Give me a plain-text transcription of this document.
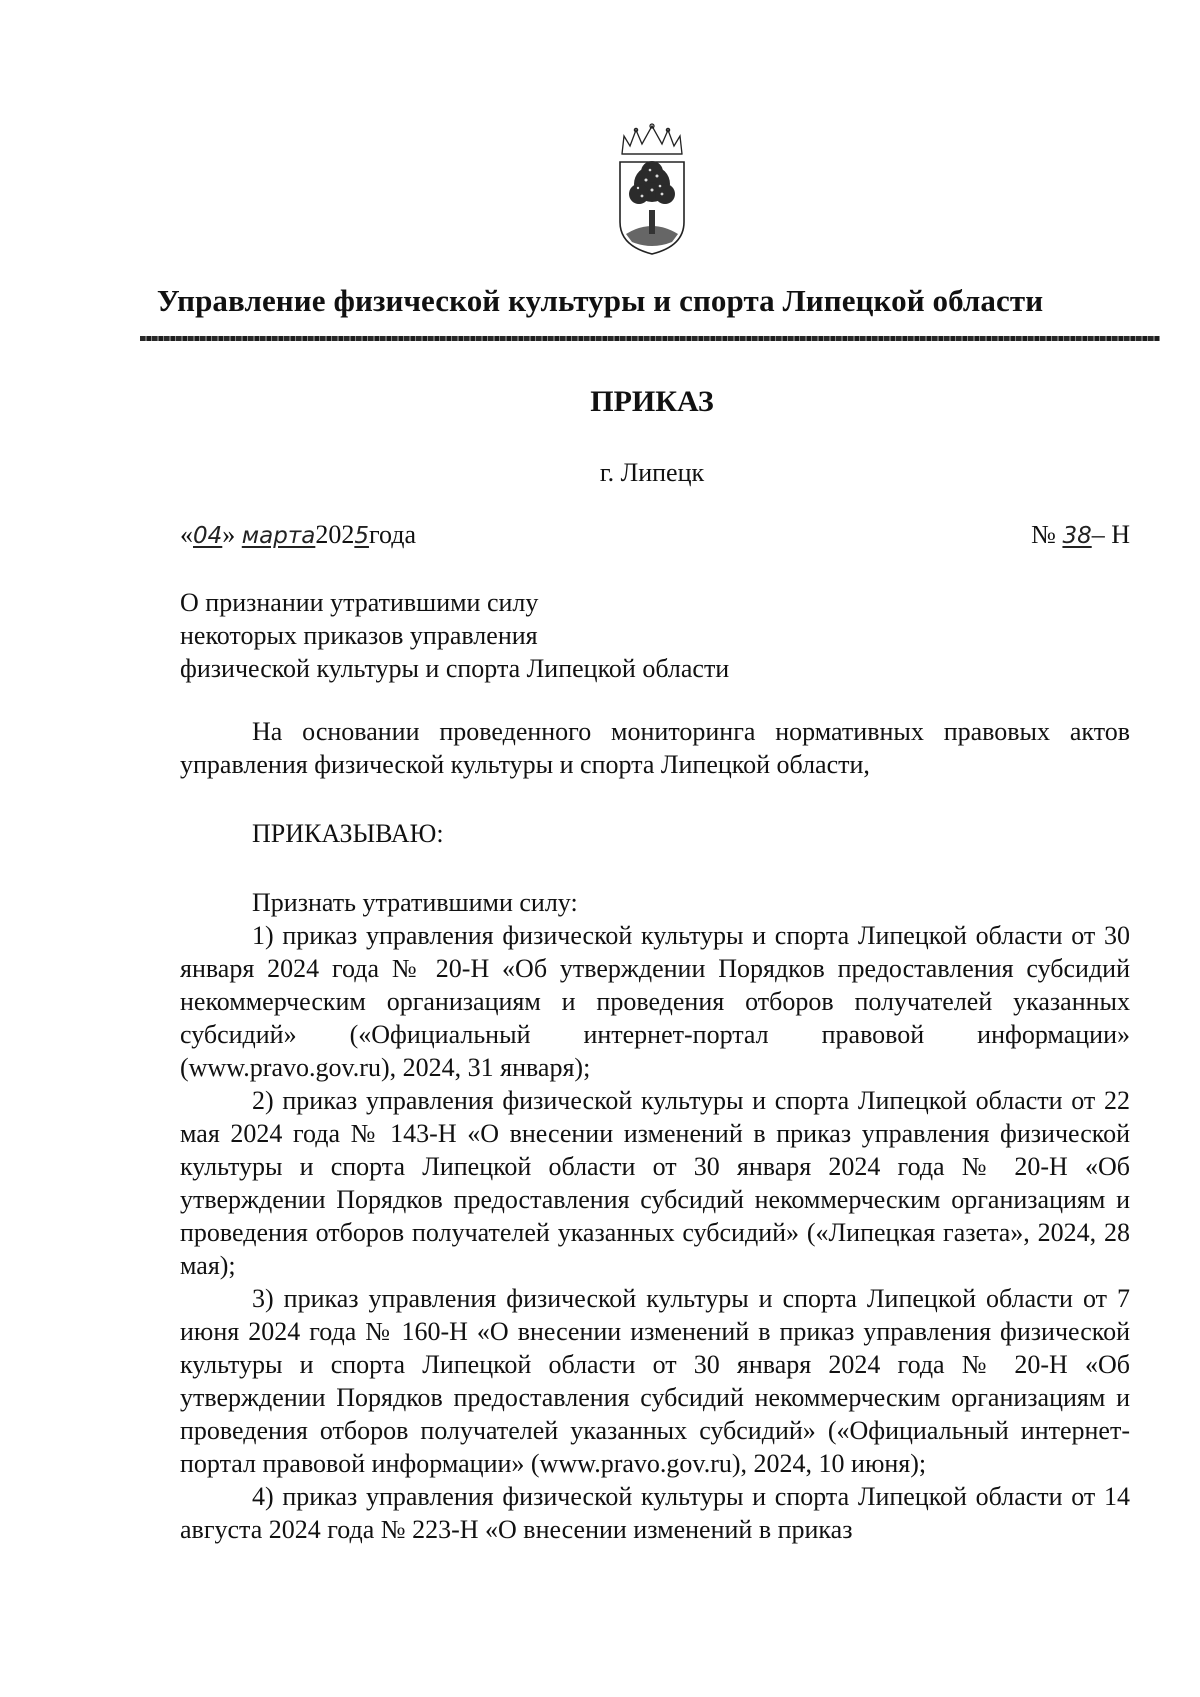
Управление физической культуры и спорта Липецкой области
ПРИКАЗ
г. Липецк
«04» марта2025года	№ 38– Н
О признании утратившими силу
некоторых приказов управления
физической культуры и спорта Липецкой области

На основании проведенного мониторинга нормативных правовых актов управления физической культуры и спорта Липецкой области,

ПРИКАЗЫВАЮ:

Признать утратившими силу:

1) приказ управления физической культуры и спорта Липецкой области от 30 января 2024 года № 20-Н «Об утверждении Порядков предоставления субсидий некоммерческим организациям и проведения отборов получателей указанных субсидий» («Официальный интернет-портал правовой информации» (www.pravo.gov.ru), 2024, 31 января);

2) приказ управления физической культуры и спорта Липецкой области от 22 мая 2024 года № 143-Н «О внесении изменений в приказ управления физической культуры и спорта Липецкой области от 30 января 2024 года № 20-Н «Об утверждении Порядков предоставления субсидий некоммерческим организациям и проведения отборов получателей указанных субсидий» («Липецкая газета», 2024, 28 мая);

3) приказ управления физической культуры и спорта Липецкой области от 7 июня 2024 года № 160-Н «О внесении изменений в приказ управления физической культуры и спорта Липецкой области от 30 января 2024 года № 20-Н «Об утверждении Порядков предоставления субсидий некоммерческим организациям и проведения отборов получателей указанных субсидий» («Официальный интернет-портал правовой информации» (www.pravo.gov.ru), 2024, 10 июня);

4) приказ управления физической культуры и спорта Липецкой области от 14 августа 2024 года № 223-Н «О внесении изменений в приказ
